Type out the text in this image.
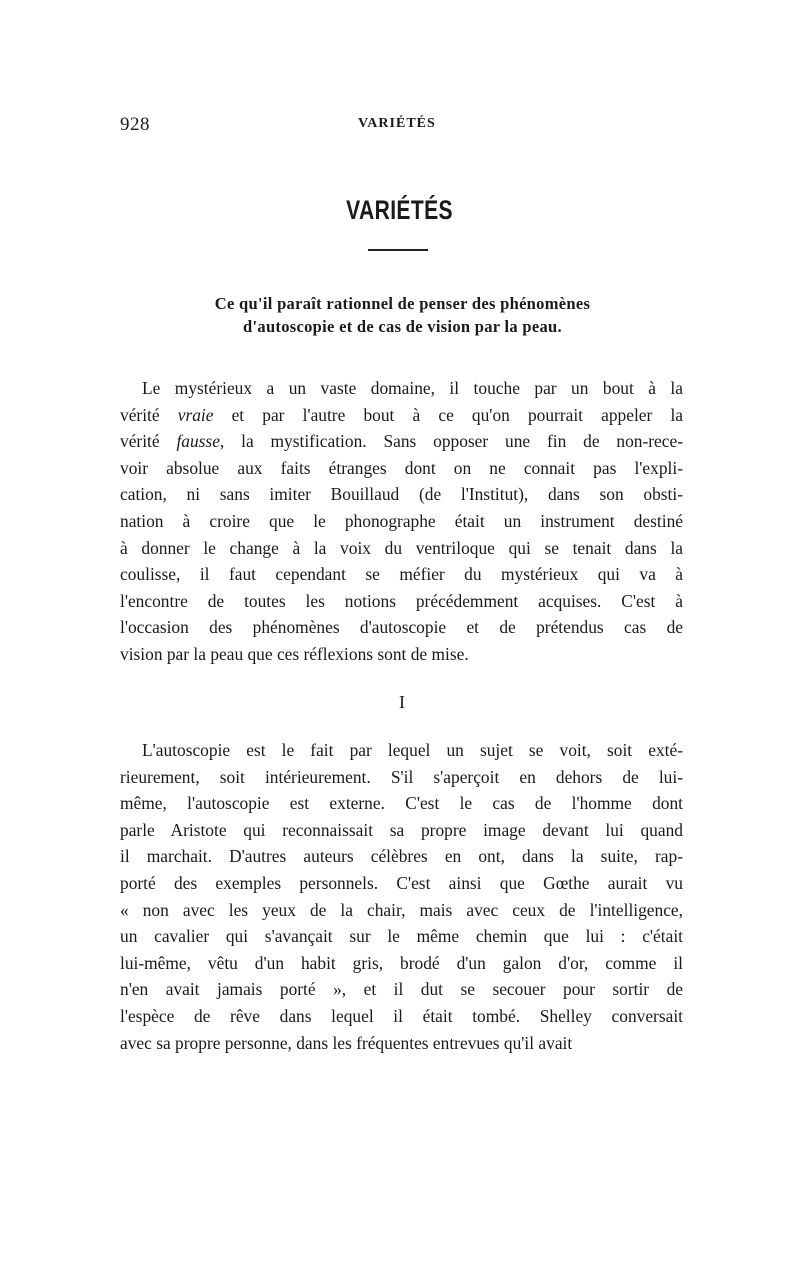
928	VARIÉTÉS
VARIÉTÉS
Ce qu'il paraît rationnel de penser des phénomènes
d'autoscopie et de cas de vision par la peau.
Le mystérieux a un vaste domaine, il touche par un bout à la
vérité vraie et par l'autre bout à ce qu'on pourrait appeler la
vérité fausse, la mystification. Sans opposer une fin de non-rece-
voir absolue aux faits étranges dont on ne connait pas l'expli-
cation, ni sans imiter Bouillaud (de l'Institut), dans son obsti-
nation à croire que le phonographe était un instrument destiné
à donner le change à la voix du ventriloque qui se tenait dans la
coulisse, il faut cependant se méfier du mystérieux qui va à
l'encontre de toutes les notions précédemment acquises. C'est à
l'occasion des phénomènes d'autoscopie et de prétendus cas de
vision par la peau que ces réflexions sont de mise.
I
L'autoscopie est le fait par lequel un sujet se voit, soit exté-
rieurement, soit intérieurement. S'il s'aperçoit en dehors de lui-
même, l'autoscopie est externe. C'est le cas de l'homme dont
parle Aristote qui reconnaissait sa propre image devant lui quand
il marchait. D'autres auteurs célèbres en ont, dans la suite, rap-
porté des exemples personnels. C'est ainsi que Gœthe aurait vu
« non avec les yeux de la chair, mais avec ceux de l'intelligence,
un cavalier qui s'avançait sur le même chemin que lui : c'était
lui-même, vêtu d'un habit gris, brodé d'un galon d'or, comme il
n'en avait jamais porté », et il dut se secouer pour sortir de
l'espèce de rêve dans lequel il était tombé. Shelley conversait
avec sa propre personne, dans les fréquentes entrevues qu'il avait
